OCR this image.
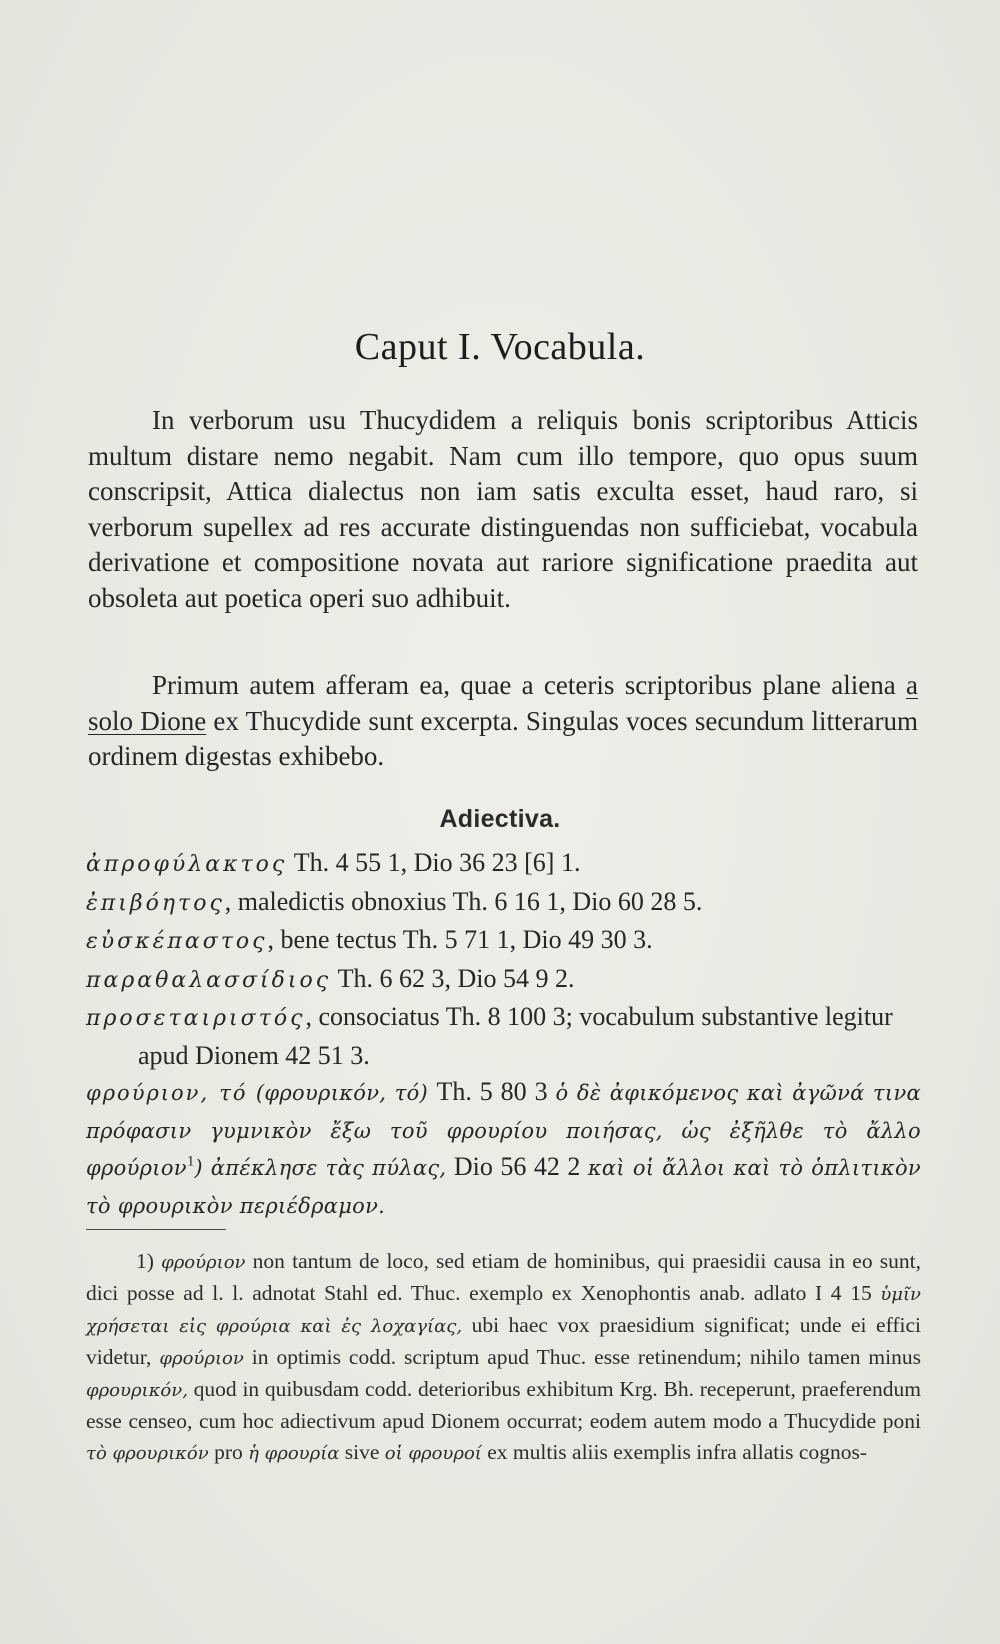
Caput I. Vocabula.
In verborum usu Thucydidem a reliquis bonis scriptoribus Atticis multum distare nemo negabit. Nam cum illo tempore, quo opus suum conscripsit, Attica dialectus non iam satis exculta esset, haud raro, si verborum supellex ad res accurate distinguendas non sufficiebat, vocabula derivatione et compositione novata aut rariore significatione praedita aut obsoleta aut poetica operi suo adhibuit.
Primum autem afferam ea, quae a ceteris scriptoribus plane aliena a solo Dione ex Thucydide sunt excerpta. Singulas voces secundum litterarum ordinem digestas exhibebo.
Adiectiva.
ἀπροφύλακτος Th. 4 55 1, Dio 36 23 [6] 1.
ἐπιβόητος, maledictis obnoxius Th. 6 16 1, Dio 60 28 5.
εὐσκέπαστος, bene tectus Th. 5 71 1, Dio 49 30 3.
παραθαλασσίδιος Th. 6 62 3, Dio 54 9 2.
προσεταιριστός, consociatus Th. 8 100 3; vocabulum substantive legitur apud Dionem 42 51 3.
φρούριον, τό (φρουρικόν, τό) Th. 5 80 3 ὁ δὲ ἀφικόμενος καὶ ἀγῶνά τινα πρόφασιν γυμνικὸν ἔξω τοῦ φρουρίου ποιήσας, ὡς ἐξῆλθε τὸ ἄλλο φρούριον$^1$) ἀπέκλησε τὰς πύλας, Dio 56 42 2 καὶ οἱ ἄλλοι καὶ τὸ ὁπλιτικὸν τὸ φρουρικὸν περιέδραμον.
1) φρούριον non tantum de loco, sed etiam de hominibus, qui praesidii causa in eo sunt, dici posse ad l. l. adnotat Stahl ed. Thuc. exemplo ex Xenophontis anab. adlato I 4 15 ὑμῖν χρήσεται εἰς φρούρια καὶ ἐς λοχαγίας, ubi haec vox praesidium significat; unde ei effici videtur, φρούριον in optimis codd. scriptum apud Thuc. esse retinendum; nihilo tamen minus φρουρικόν, quod in quibusdam codd. deterioribus exhibitum Krg. Bh. receperunt, praeferendum esse censeo, cum hoc adiectivum apud Dionem occurrat; eodem autem modo a Thucydide poni τὸ φρουρικόν pro ἡ φρουρία sive οἱ φρουροί ex multis aliis exemplis infra allatis cognos-
